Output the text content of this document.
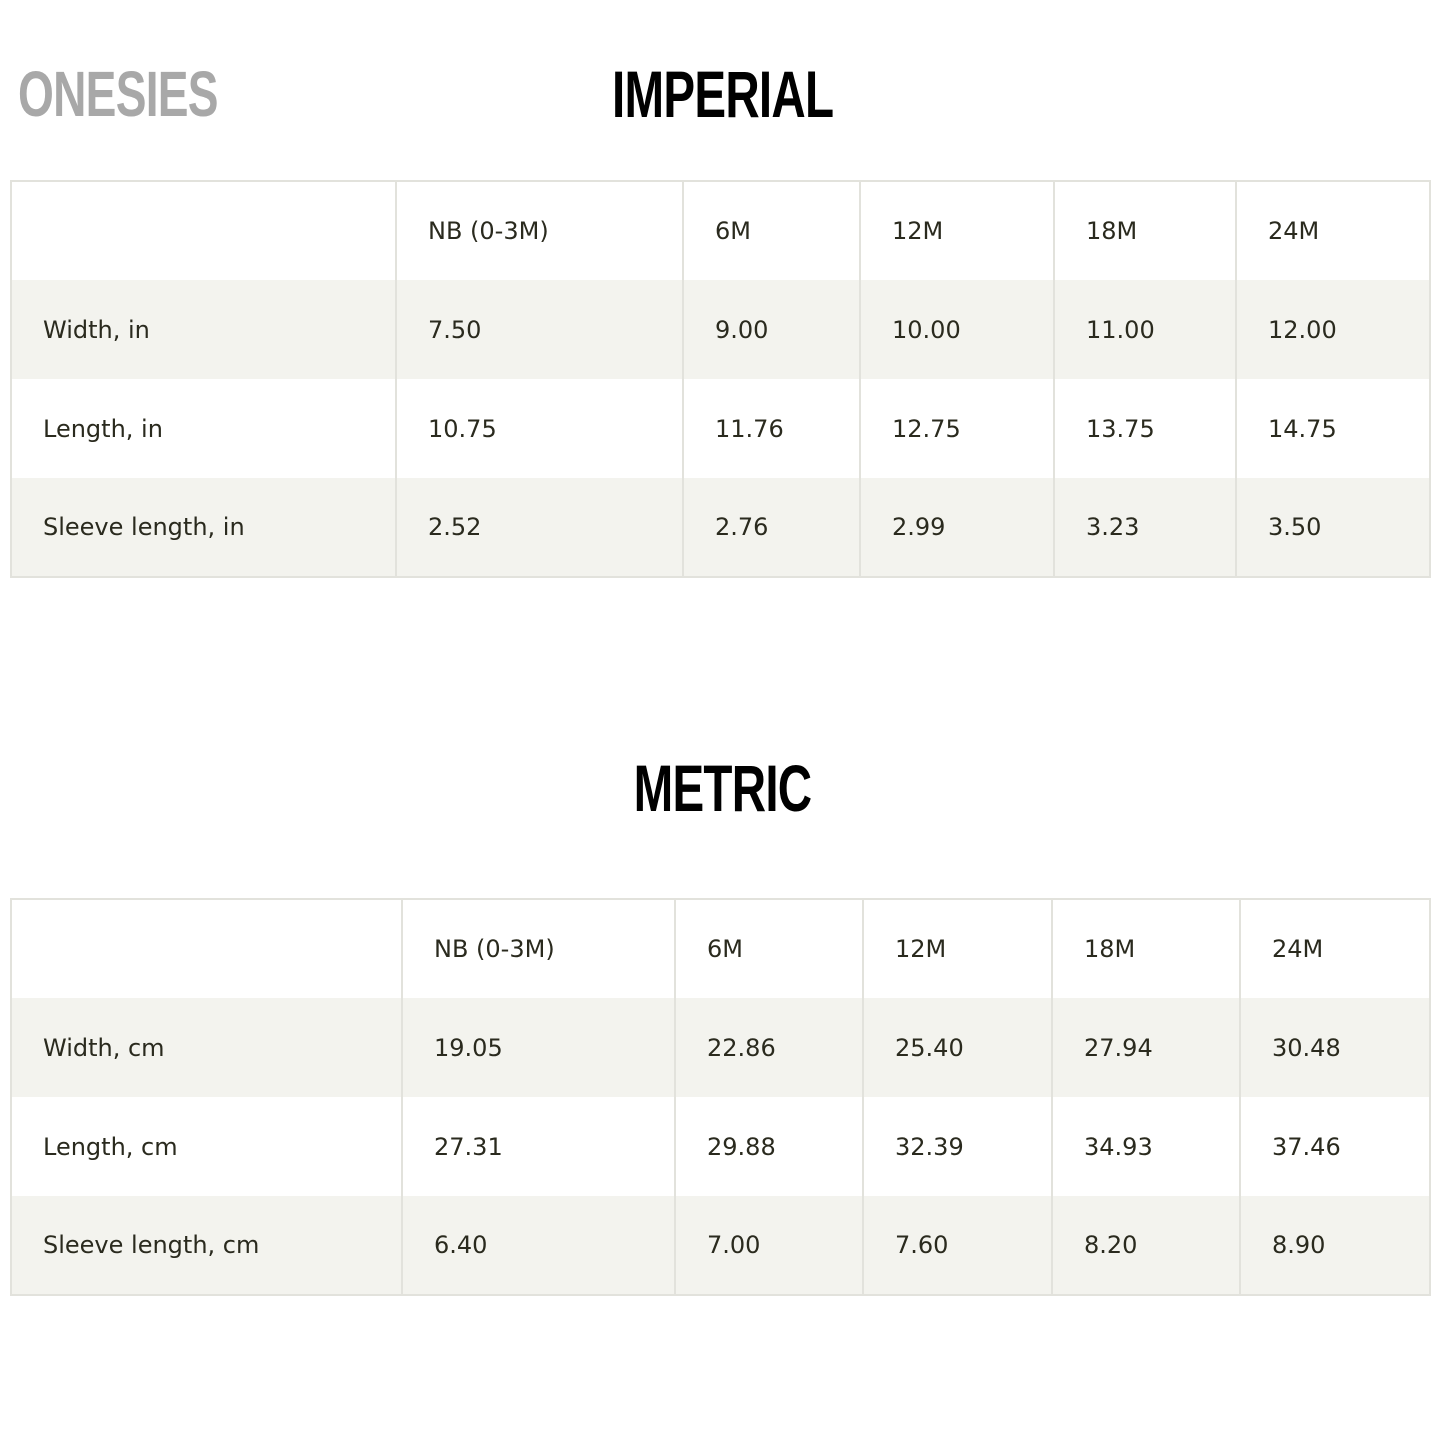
ONESIES	IMPERIAL
	NB (0-3M)	6M	12M	18M	24M
Width, in	7.50	9.00	10.00	11.00	12.00
Length, in	10.75	11.76	12.75	13.75	14.75
Sleeve length, in	2.52	2.76	2.99	3.23	3.50
METRIC
	NB (0-3M)	6M	12M	18M	24M
Width, cm	19.05	22.86	25.40	27.94	30.48
Length, cm	27.31	29.88	32.39	34.93	37.46
Sleeve length, cm	6.40	7.00	7.60	8.20	8.90
